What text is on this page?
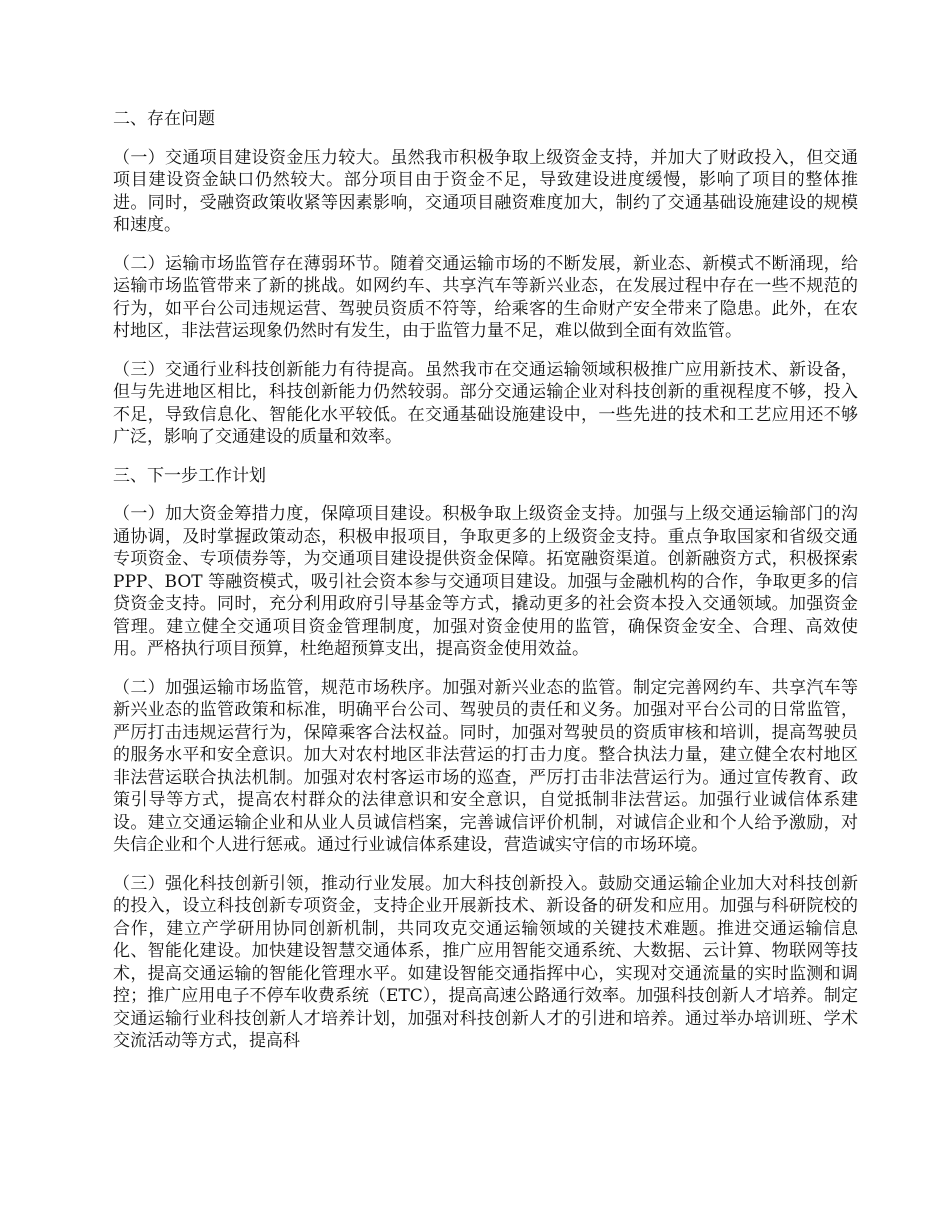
二、存在问题

（一）交通项目建设资金压力较大。虽然我市积极争取上级资金支持，并加大了财政投入，但交通项目建设资金缺口仍然较大。部分项目由于资金不足，导致建设进度缓慢，影响了项目的整体推进。同时，受融资政策收紧等因素影响，交通项目融资难度加大，制约了交通基础设施建设的规模和速度。

（二）运输市场监管存在薄弱环节。随着交通运输市场的不断发展，新业态、新模式不断涌现，给运输市场监管带来了新的挑战。如网约车、共享汽车等新兴业态，在发展过程中存在一些不规范的行为，如平台公司违规运营、驾驶员资质不符等，给乘客的生命财产安全带来了隐患。此外，在农村地区，非法营运现象仍然时有发生，由于监管力量不足，难以做到全面有效监管。

（三）交通行业科技创新能力有待提高。虽然我市在交通运输领域积极推广应用新技术、新设备，但与先进地区相比，科技创新能力仍然较弱。部分交通运输企业对科技创新的重视程度不够，投入不足，导致信息化、智能化水平较低。在交通基础设施建设中，一些先进的技术和工艺应用还不够广泛，影响了交通建设的质量和效率。

三、下一步工作计划

（一）加大资金筹措力度，保障项目建设。积极争取上级资金支持。加强与上级交通运输部门的沟通协调，及时掌握政策动态，积极申报项目，争取更多的上级资金支持。重点争取国家和省级交通专项资金、专项债券等，为交通项目建设提供资金保障。拓宽融资渠道。创新融资方式，积极探索 PPP、BOT 等融资模式，吸引社会资本参与交通项目建设。加强与金融机构的合作，争取更多的信贷资金支持。同时，充分利用政府引导基金等方式，撬动更多的社会资本投入交通领域。加强资金管理。建立健全交通项目资金管理制度，加强对资金使用的监管，确保资金安全、合理、高效使用。严格执行项目预算，杜绝超预算支出，提高资金使用效益。

（二）加强运输市场监管，规范市场秩序。加强对新兴业态的监管。制定完善网约车、共享汽车等新兴业态的监管政策和标准，明确平台公司、驾驶员的责任和义务。加强对平台公司的日常监管，严厉打击违规运营行为，保障乘客合法权益。同时，加强对驾驶员的资质审核和培训，提高驾驶员的服务水平和安全意识。加大对农村地区非法营运的打击力度。整合执法力量，建立健全农村地区非法营运联合执法机制。加强对农村客运市场的巡查，严厉打击非法营运行为。通过宣传教育、政策引导等方式，提高农村群众的法律意识和安全意识，自觉抵制非法营运。加强行业诚信体系建设。建立交通运输企业和从业人员诚信档案，完善诚信评价机制，对诚信企业和个人给予激励，对失信企业和个人进行惩戒。通过行业诚信体系建设，营造诚实守信的市场环境。

（三）强化科技创新引领，推动行业发展。加大科技创新投入。鼓励交通运输企业加大对科技创新的投入，设立科技创新专项资金，支持企业开展新技术、新设备的研发和应用。加强与科研院校的合作，建立产学研用协同创新机制，共同攻克交通运输领域的关键技术难题。推进交通运输信息化、智能化建设。加快建设智慧交通体系，推广应用智能交通系统、大数据、云计算、物联网等技术，提高交通运输的智能化管理水平。如建设智能交通指挥中心，实现对交通流量的实时监测和调控；推广应用电子不停车收费系统（ETC），提高高速公路通行效率。加强科技创新人才培养。制定交通运输行业科技创新人才培养计划，加强对科技创新人才的引进和培养。通过举办培训班、学术交流活动等方式，提高科
